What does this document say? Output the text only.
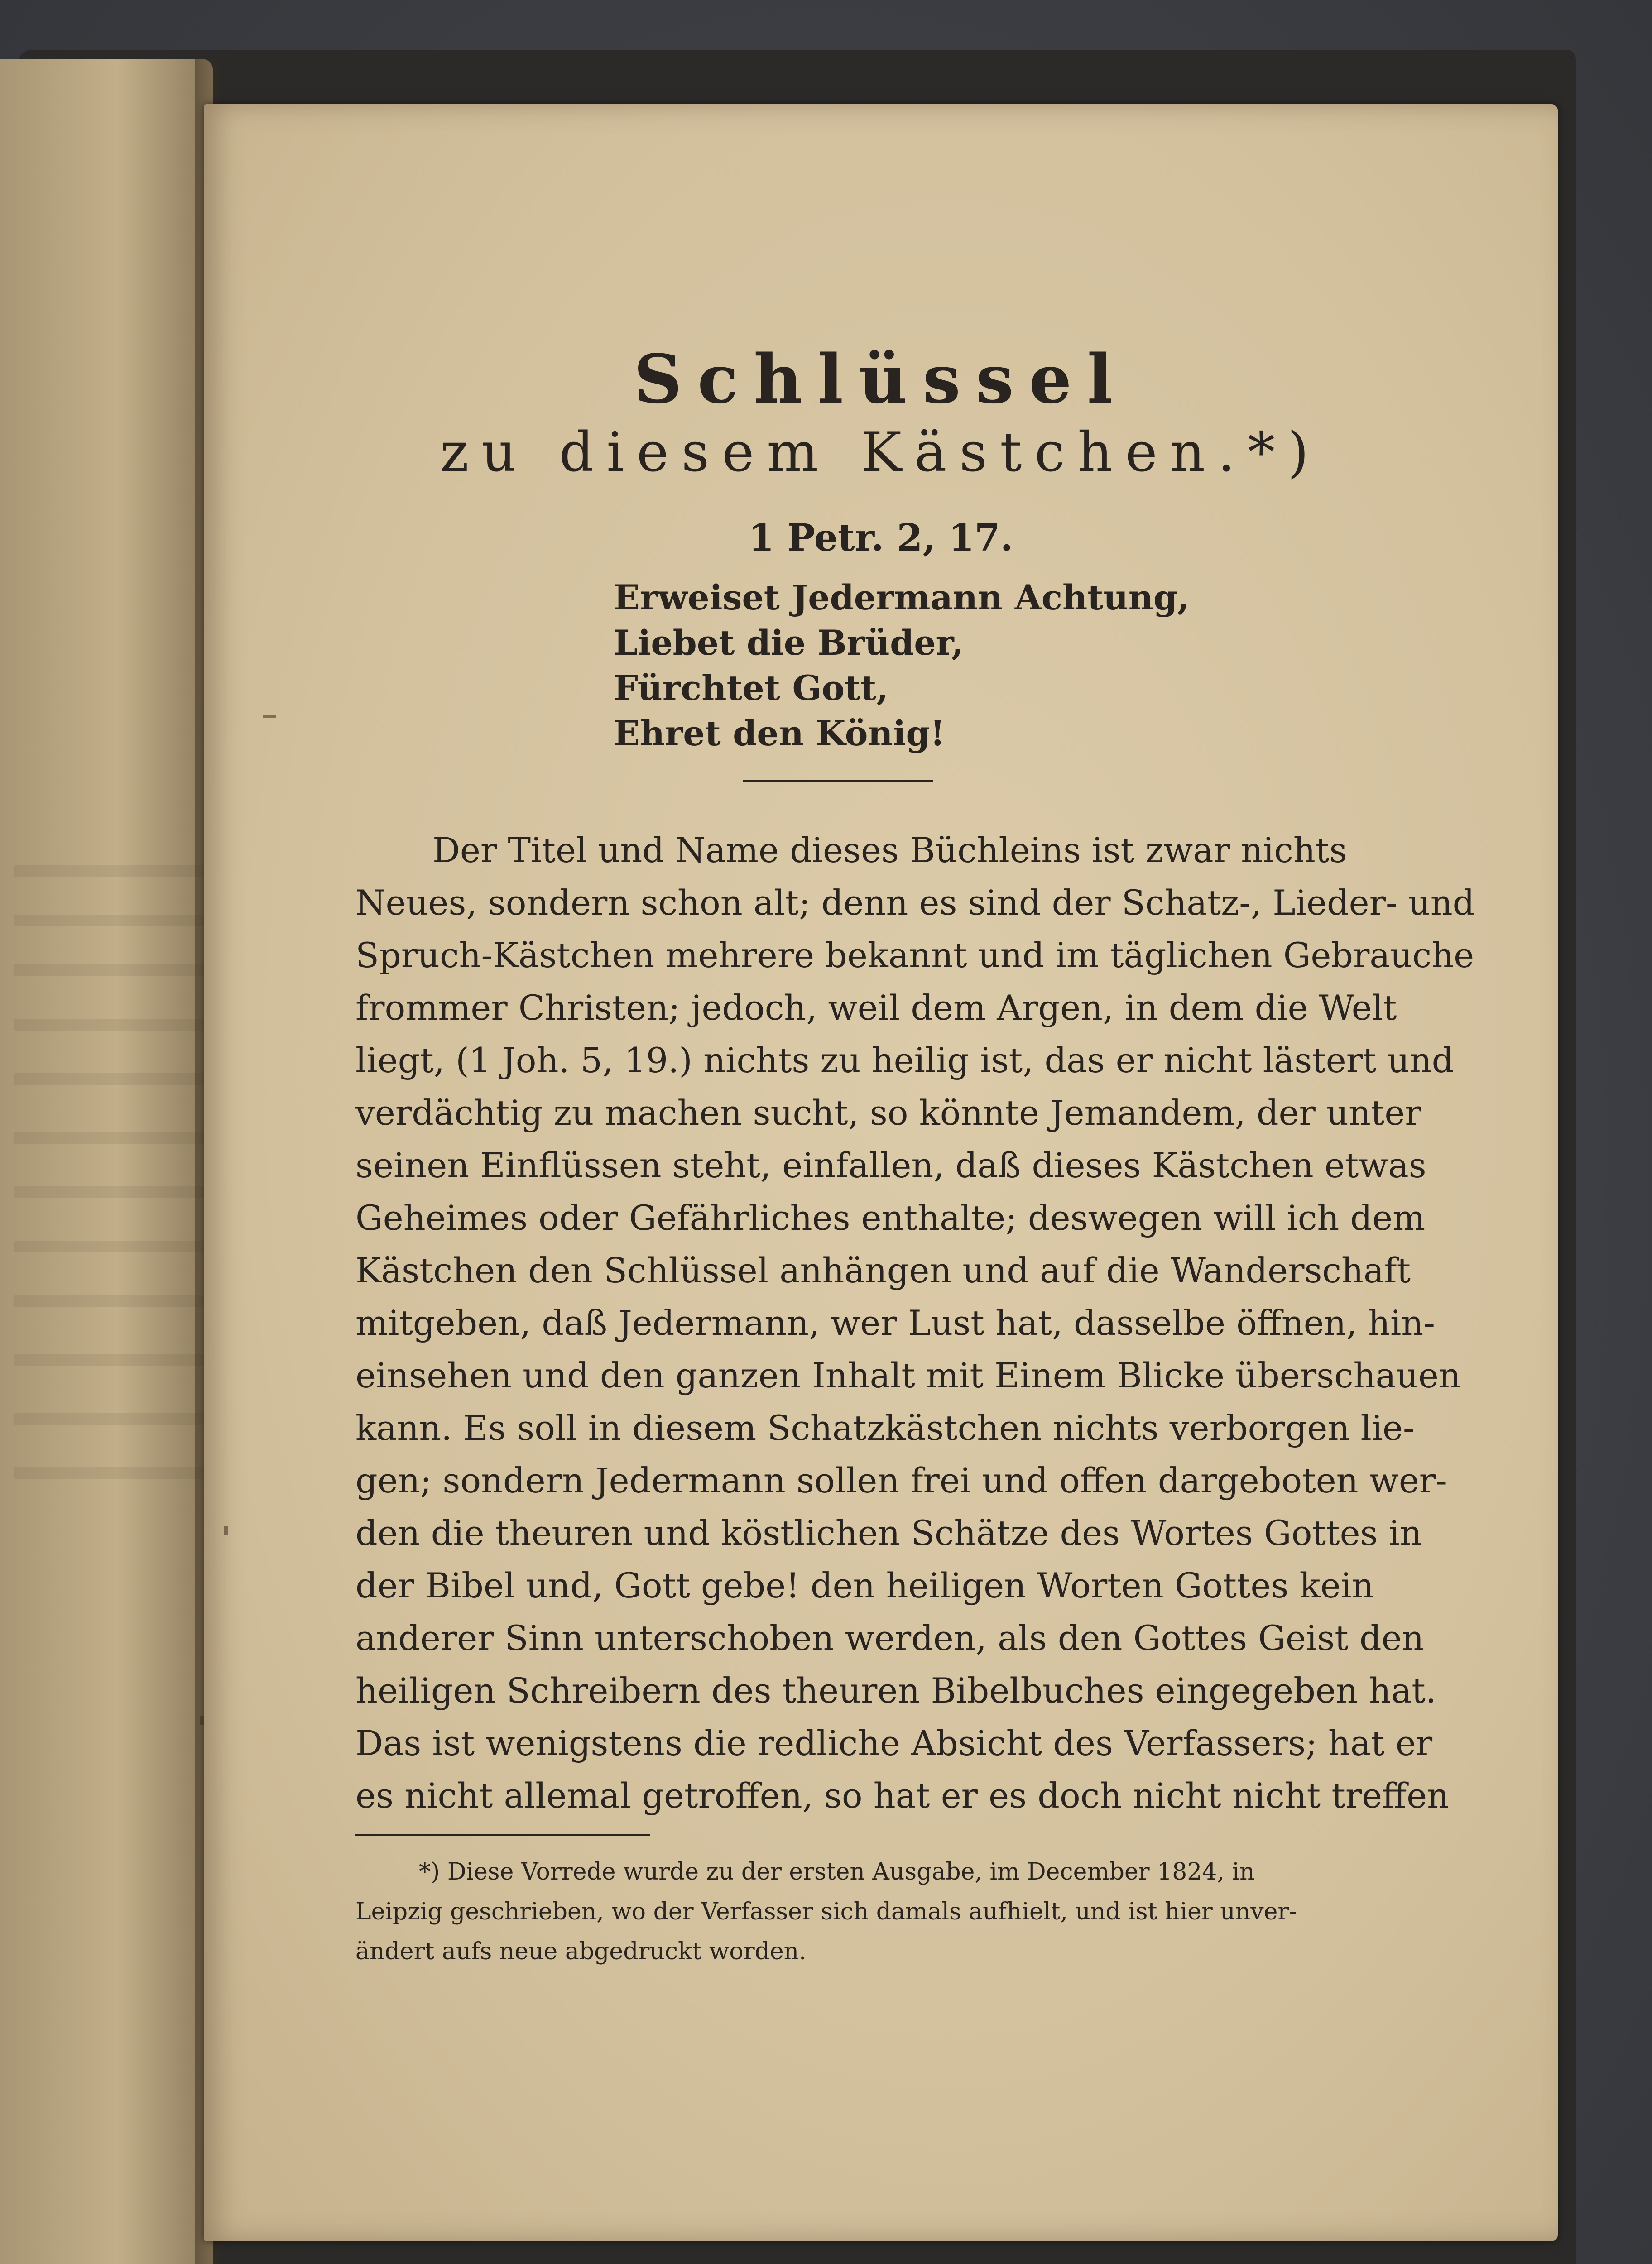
Schlüssel
zu diesem Kästchen.*)
1 Petr. 2, 17.
Erweiset Jedermann Achtung,
Liebet die Brüder,
Fürchtet Gott,
Ehret den König!
Der Titel und Name dieses Büchleins ist zwar nichts
Neues, sondern schon alt; denn es sind der Schatz-, Lieder- und
Spruch-Kästchen mehrere bekannt und im täglichen Gebrauche
frommer Christen; jedoch, weil dem Argen, in dem die Welt
liegt, (1 Joh. 5, 19.) nichts zu heilig ist, das er nicht lästert und
verdächtig zu machen sucht, so könnte Jemandem, der unter
seinen Einflüssen steht, einfallen, daß dieses Kästchen etwas
Geheimes oder Gefährliches enthalte; deswegen will ich dem
Kästchen den Schlüssel anhängen und auf die Wanderschaft
mitgeben, daß Jedermann, wer Lust hat, dasselbe öffnen, hin-
einsehen und den ganzen Inhalt mit Einem Blicke überschauen
kann. Es soll in diesem Schatzkästchen nichts verborgen lie-
gen; sondern Jedermann sollen frei und offen dargeboten wer-
den die theuren und köstlichen Schätze des Wortes Gottes in
der Bibel und, Gott gebe! den heiligen Worten Gottes kein
anderer Sinn unterschoben werden, als den Gottes Geist den
heiligen Schreibern des theuren Bibelbuches eingegeben hat.
Das ist wenigstens die redliche Absicht des Verfassers; hat er
es nicht allemal getroffen, so hat er es doch nicht nicht treffen
*) Diese Vorrede wurde zu der ersten Ausgabe, im December 1824, in
Leipzig geschrieben, wo der Verfasser sich damals aufhielt, und ist hier unver-
ändert aufs neue abgedruckt worden.
